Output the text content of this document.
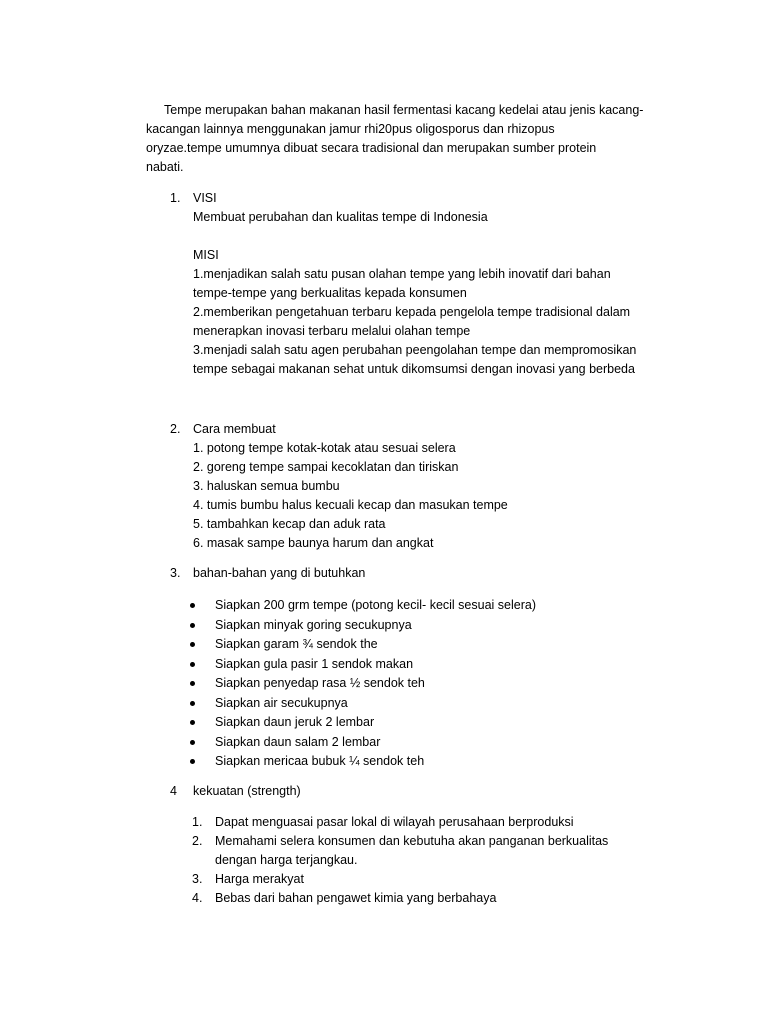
Tempe merupakan bahan makanan hasil fermentasi kacang kedelai atau jenis kacang-

kacangan lainnya menggunakan jamur rhi20pus oligosporus dan rhizopus

oryzae.tempe umumnya dibuat secara tradisional dan merupakan sumber protein

nabati.

1. VISI
Membuat perubahan dan kualitas tempe di Indonesia
MISI
1.menjadikan salah satu pusan olahan tempe yang lebih inovatif dari bahan
tempe-tempe yang berkualitas kepada konsumen
2.memberikan pengetahuan terbaru kepada pengelola tempe tradisional dalam
menerapkan inovasi terbaru melalui olahan tempe
3.menjadi salah satu agen perubahan peengolahan tempe dan mempromosikan
tempe sebagai makanan sehat untuk dikomsumsi dengan inovasi yang berbeda
2. Cara membuat
1. potong tempe kotak-kotak atau sesuai selera
2. goreng tempe sampai kecoklatan dan tiriskan
3. haluskan semua bumbu
4. tumis bumbu halus kecuali kecap dan masukan tempe
5. tambahkan kecap dan aduk rata
6. masak sampe baunya harum dan angkat
3. bahan-bahan yang di butuhkan
Siapkan 200 grm tempe (potong kecil- kecil sesuai selera)
Siapkan minyak goring secukupnya
Siapkan garam ¾ sendok the
Siapkan gula pasir 1 sendok makan
Siapkan penyedap rasa ½ sendok teh
Siapkan air secukupnya
Siapkan daun jeruk 2 lembar
Siapkan daun salam 2 lembar
Siapkan mericaa bubuk ¼ sendok teh
4 kekuatan (strength)
1. Dapat menguasai pasar lokal di wilayah perusahaan berproduksi
2. Memahami selera konsumen dan kebutuha akan panganan berkualitas
dengan harga terjangkau.
3. Harga merakyat
4. Bebas dari bahan pengawet kimia yang berbahaya
